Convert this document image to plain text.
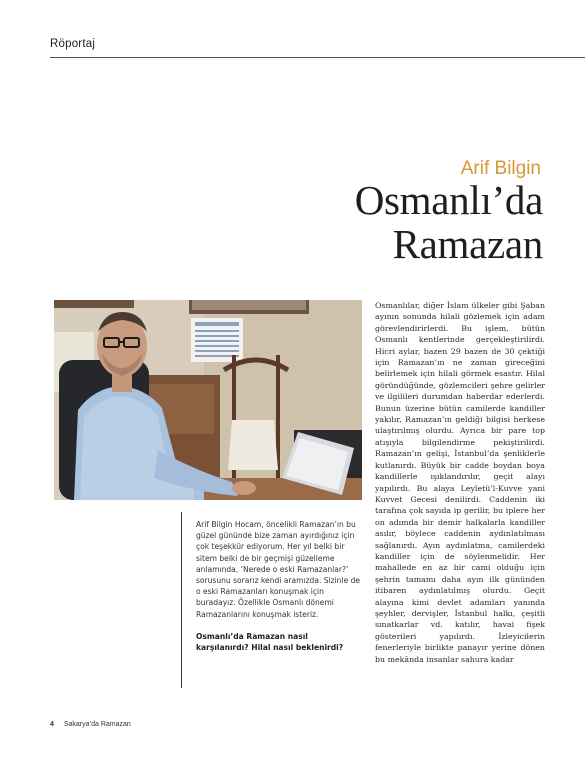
Röportaj
Arif Bilgin
Osmanlı’da
Ramazan

Osmanlılar, diğer İslam ülkeler gibi Şaban ayının sonunda hilali gözlemek için adam görevlendirirlerdi. Bu işlem, bütün Osmanlı kentlerinde gerçekleştirilirdi. Hicri aylar, bazen 29 bazen de 30 çektiği için Ramazan’ın ne zaman gireceğini belirlemek için hilali görmek esastır. Hilal göründüğünde, gözlemcileri şehre gelirler ve ilgilileri durumdan haberdar ederlerdi. Bunun üzerine bütün camilerde kandiller yakılır, Ramazan’ın geldiği bilgisi herkese ulaştırılmış olurdu. Ayrıca bir pare top atışıyla bilgilendirme pekiştirilirdi. Ramazan’ın gelişi, İstanbul’da şenliklerle kutlanırdı. Büyük bir cadde boydan boya kandillerle ışıklandırılır, geçit alayı yapılırdı. Bu alaya Leyletü’l-Kuvve yani Kuvvet Gecesi denilirdi. Caddenin iki tarafına çok sayıda ip gerilir, bu iplere her on adımda bir demir halkalarla kandiller asılır, böylece caddenin aydınlatılması sağlanırdı. Ayın aydınlatma, camilerdeki kandiller için de söylenmelidir. Her mahallede en az bir cami olduğu için şehrin tamamı daha ayın ilk gününden itibaren aydınlatılmış olurdu. Geçit alayına kimi devlet adamları yanında şeyhler, dervişler, İstanbul halkı, çeşitli sınatkarlar vd. katılır, havai fişek gösterileri yapılırdı. İzleyicilerin fenerleriyle birlikte panayır yerine dönen bu mekânda insanlar sahura kadar

Arif Bilgin Hocam, öncelikli Ramazan’ın bu güzel gününde bize zaman ayırdığınız için çok teşekkür ediyorum. Her yıl belki bir sitem belki de bir geçmişi güzelleme anlamında, ‘Nerede o eski Ramazanlar?’ sorusunu sorarız kendi aramızda. Sizinle de o eski Ramazanları konuşmak için buradayız. Özellikle Osmanlı dönemi Ramazanlarını konuşmak isteriz.

Osmanlı’da Ramazan nasıl karşılanırdı? Hilal nasıl beklenirdi?

4 Sakarya’da Ramazan
